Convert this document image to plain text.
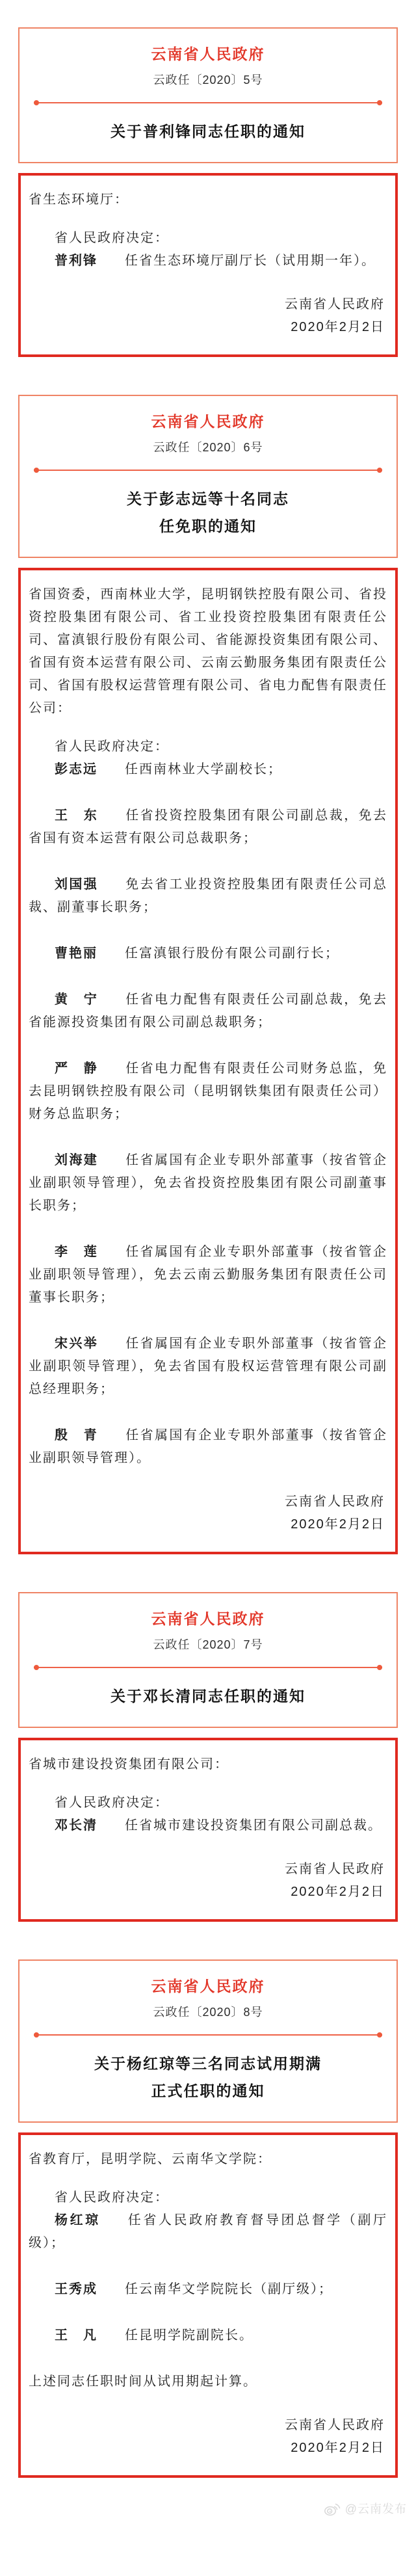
云南省人民政府
云政任〔2020〕5号
关于普利锋同志任职的通知

省生态环境厅：

省人民政府决定：

普利锋 任省生态环境厅副厅长（试用期一年）。

云南省人民政府
2020年2月2日
云南省人民政府
云政任〔2020〕6号
关于彭志远等十名同志
任免职的通知

省国资委，西南林业大学，昆明钢铁控股有限公司、省投资控股集团有限公司、省工业投资控股集团有限责任公司、富滇银行股份有限公司、省能源投资集团有限公司、省国有资本运营有限公司、云南云勤服务集团有限责任公司、省国有股权运营管理有限公司、省电力配售有限责任公司：

省人民政府决定：

彭志远 任西南林业大学副校长；

王　东 任省投资控股集团有限公司副总裁，免去省国有资本运营有限公司总裁职务；

刘国强 免去省工业投资控股集团有限责任公司总裁、副董事长职务；

曹艳丽 任富滇银行股份有限公司副行长；

黄　宁 任省电力配售有限责任公司副总裁，免去省能源投资集团有限公司副总裁职务；

严　静 任省电力配售有限责任公司财务总监，免去昆明钢铁控股有限公司（昆明钢铁集团有限责任公司）财务总监职务；

刘海建 任省属国有企业专职外部董事（按省管企业副职领导管理），免去省投资控股集团有限公司副董事长职务；

李　莲 任省属国有企业专职外部董事（按省管企业副职领导管理），免去云南云勤服务集团有限责任公司董事长职务；

宋兴举 任省属国有企业专职外部董事（按省管企业副职领导管理），免去省国有股权运营管理有限公司副总经理职务；

殷　青 任省属国有企业专职外部董事（按省管企业副职领导管理）。

云南省人民政府
2020年2月2日
云南省人民政府
云政任〔2020〕7号
关于邓长清同志任职的通知

省城市建设投资集团有限公司：

省人民政府决定：

邓长清 任省城市建设投资集团有限公司副总裁。

云南省人民政府
2020年2月2日
云南省人民政府
云政任〔2020〕8号
关于杨红琼等三名同志试用期满
正式任职的通知

省教育厅，昆明学院、云南华文学院：

省人民政府决定：

杨红琼 任省人民政府教育督导团总督学（副厅级）；

王秀成 任云南华文学院院长（副厅级）；

王　凡 任昆明学院副院长。

上述同志任职时间从试用期起计算。

云南省人民政府
2020年2月2日
@云南发布
